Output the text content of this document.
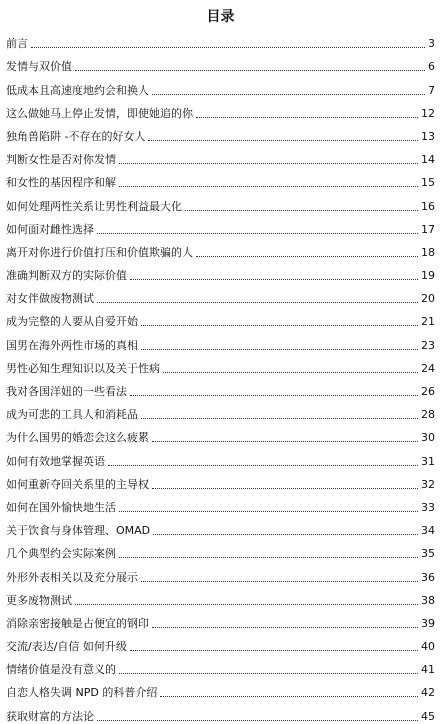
目录
前言	3
发情与双价值	6
低成本且高速度地约会和换人	7
这么做她马上停止发情，即使她追的你	12
独角兽陷阱 -不存在的好女人	13
判断女性是否对你发情	14
和女性的基因程序和解	15
如何处理两性关系让男性利益最大化	16
如何面对雌性选择	17
离开对你进行价值打压和价值欺骗的人	18
准确判断双方的实际价值	19
对女伴做废物测试	20
成为完整的人要从自爱开始	21
国男在海外两性市场的真相	23
男性必知生理知识以及关于性病	24
我对各国洋妞的一些看法	26
成为可悲的工具人和消耗品	28
为什么国男的婚恋会这么疲累	30
如何有效地掌握英语	31
如何重新夺回关系里的主导权	32
如何在国外愉快地生活	33
关于饮食与身体管理、OMAD	34
几个典型约会实际案例	35
外形外表相关以及充分展示	36
更多废物测试	38
消除亲密接触是占便宜的钢印	39
交流/表达/自信 如何升级	40
情绪价值是没有意义的	41
自恋人格失调 NPD 的科普介绍	42
获取财富的方法论	45
